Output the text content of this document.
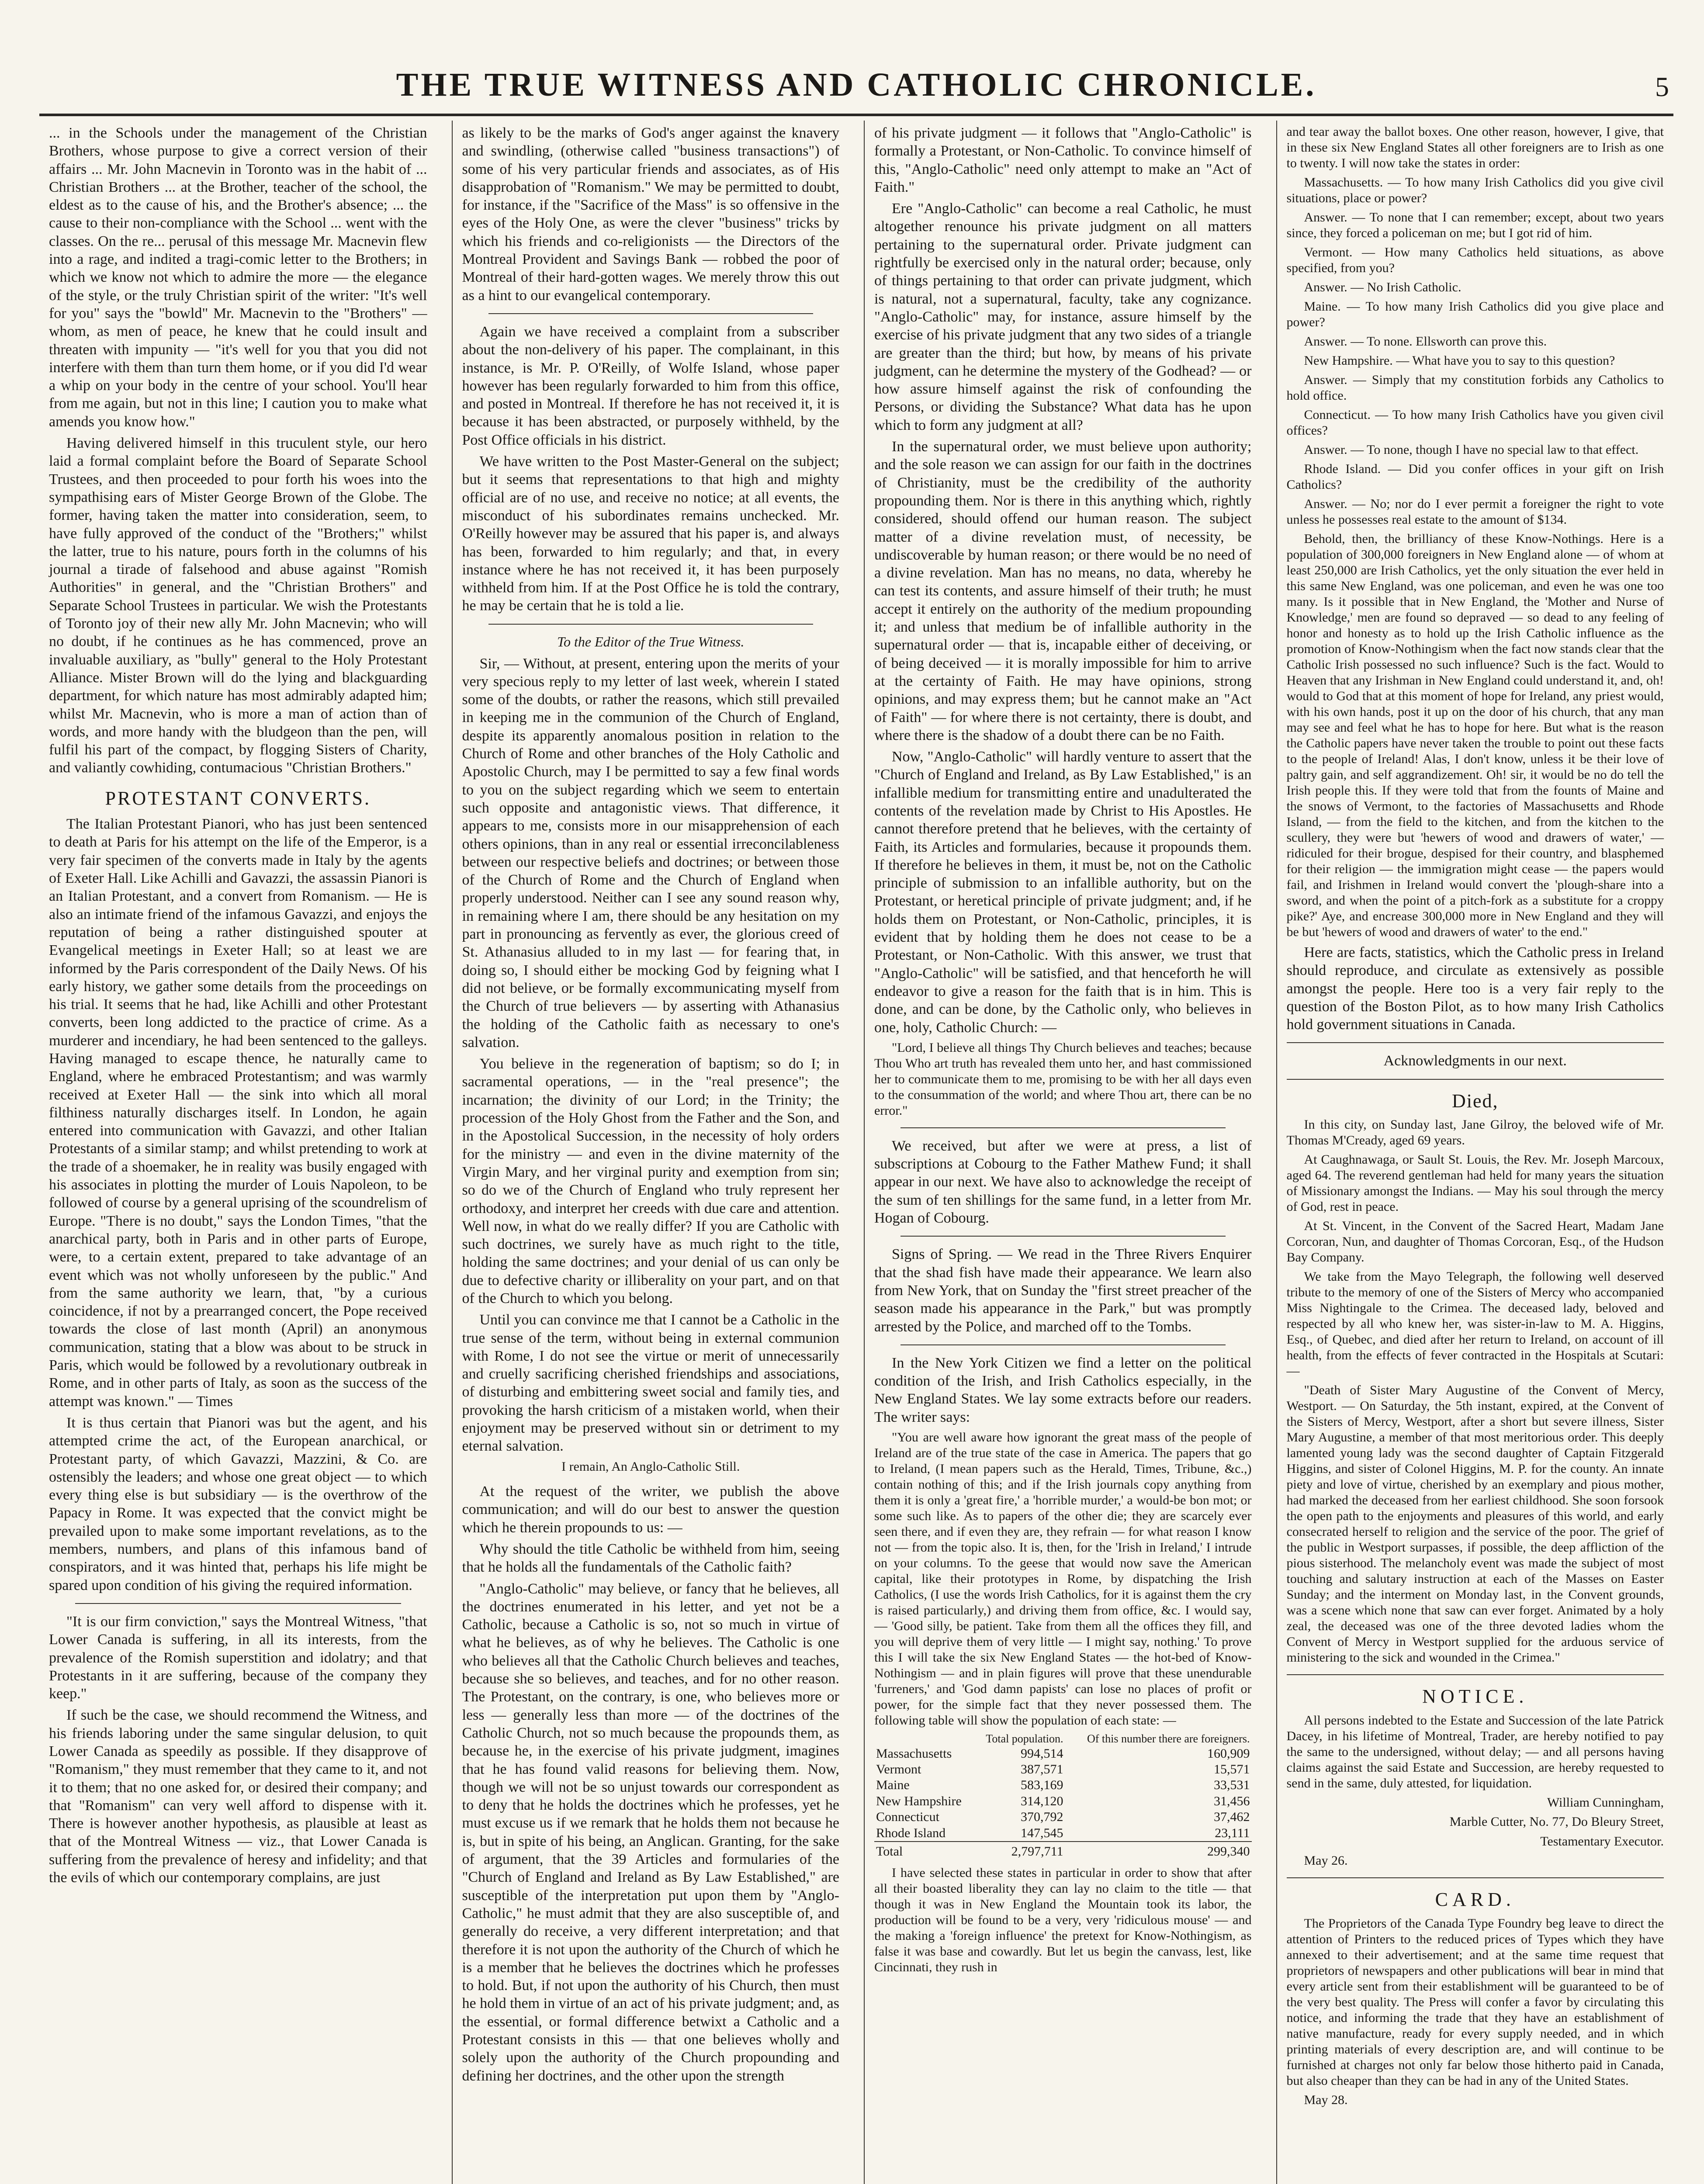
THE TRUE WITNESS AND CATHOLIC CHRONICLE.	5

... in the Schools under the management of the Christian Brothers, whose purpose to give a correct version of their affairs ... Mr. John Macnevin in Toronto was in the habit of ... Christian Brothers ... at the Brother, teacher of the school, the eldest as to the cause of his, and the Brother's absence; ... the cause to their non-compliance with the School ... went with the classes. On the re... perusal of this message Mr. Macnevin flew into a rage, and indited a tragi-comic letter to the Brothers; in which we know not which to admire the more — the elegance of the style, or the truly Christian spirit of the writer: "It's well for you" says the "bowld" Mr. Macnevin to the "Brothers" — whom, as men of peace, he knew that he could insult and threaten with impunity — "it's well for you that you did not interfere with them than turn them home, or if you did I'd wear a whip on your body in the centre of your school. You'll hear from me again, but not in this line; I caution you to make what amends you know how."

Having delivered himself in this truculent style, our hero laid a formal complaint before the Board of Separate School Trustees, and then proceeded to pour forth his woes into the sympathising ears of Mister George Brown of the Globe. The former, having taken the matter into consideration, seem, to have fully approved of the conduct of the "Brothers;" whilst the latter, true to his nature, pours forth in the columns of his journal a tirade of falsehood and abuse against "Romish Authorities" in general, and the "Christian Brothers" and Separate School Trustees in particular. We wish the Protestants of Toronto joy of their new ally Mr. John Macnevin; who will no doubt, if he continues as he has commenced, prove an invaluable auxiliary, as "bully" general to the Holy Protestant Alliance. Mister Brown will do the lying and blackguarding department, for which nature has most admirably adapted him; whilst Mr. Macnevin, who is more a man of action than of words, and more handy with the bludgeon than the pen, will fulfil his part of the compact, by flogging Sisters of Charity, and valiantly cowhiding, contumacious "Christian Brothers."

PROTESTANT CONVERTS.

The Italian Protestant Pianori, who has just been sentenced to death at Paris for his attempt on the life of the Emperor, is a very fair specimen of the converts made in Italy by the agents of Exeter Hall. Like Achilli and Gavazzi, the assassin Pianori is an Italian Protestant, and a convert from Romanism. — He is also an intimate friend of the infamous Gavazzi, and enjoys the reputation of being a rather distinguished spouter at Evangelical meetings in Exeter Hall; so at least we are informed by the Paris correspondent of the Daily News. Of his early history, we gather some details from the proceedings on his trial. It seems that he had, like Achilli and other Protestant converts, been long addicted to the practice of crime. As a murderer and incendiary, he had been sentenced to the galleys. Having managed to escape thence, he naturally came to England, where he embraced Protestantism; and was warmly received at Exeter Hall — the sink into which all moral filthiness naturally discharges itself. In London, he again entered into communication with Gavazzi, and other Italian Protestants of a similar stamp; and whilst pretending to work at the trade of a shoemaker, he in reality was busily engaged with his associates in plotting the murder of Louis Napoleon, to be followed of course by a general uprising of the scoundrelism of Europe. "There is no doubt," says the London Times, "that the anarchical party, both in Paris and in other parts of Europe, were, to a certain extent, prepared to take advantage of an event which was not wholly unforeseen by the public." And from the same authority we learn, that, "by a curious coincidence, if not by a prearranged concert, the Pope received towards the close of last month (April) an anonymous communication, stating that a blow was about to be struck in Paris, which would be followed by a revolutionary outbreak in Rome, and in other parts of Italy, as soon as the success of the attempt was known." — Times

It is thus certain that Pianori was but the agent, and his attempted crime the act, of the European anarchical, or Protestant party, of which Gavazzi, Mazzini, & Co. are ostensibly the leaders; and whose one great object — to which every thing else is but subsidiary — is the overthrow of the Papacy in Rome. It was expected that the convict might be prevailed upon to make some important revelations, as to the members, numbers, and plans of this infamous band of conspirators, and it was hinted that, perhaps his life might be spared upon condition of his giving the required information.

"It is our firm conviction," says the Montreal Witness, "that Lower Canada is suffering, in all its interests, from the prevalence of the Romish superstition and idolatry; and that Protestants in it are suffering, because of the company they keep."

If such be the case, we should recommend the Witness, and his friends laboring under the same singular delusion, to quit Lower Canada as speedily as possible. If they disapprove of "Romanism," they must remember that they came to it, and not it to them; that no one asked for, or desired their company; and that "Romanism" can very well afford to dispense with it. There is however another hypothesis, as plausible at least as that of the Montreal Witness — viz., that Lower Canada is suffering from the prevalence of heresy and infidelity; and that the evils of which our contemporary complains, are just

as likely to be the marks of God's anger against the knavery and swindling, (otherwise called "business transactions") of some of his very particular friends and associates, as of His disapprobation of "Romanism." We may be permitted to doubt, for instance, if the "Sacrifice of the Mass" is so offensive in the eyes of the Holy One, as were the clever "business" tricks by which his friends and co-religionists — the Directors of the Montreal Provident and Savings Bank — robbed the poor of Montreal of their hard-gotten wages. We merely throw this out as a hint to our evangelical contemporary.

Again we have received a complaint from a subscriber about the non-delivery of his paper. The complainant, in this instance, is Mr. P. O'Reilly, of Wolfe Island, whose paper however has been regularly forwarded to him from this office, and posted in Montreal. If therefore he has not received it, it is because it has been abstracted, or purposely withheld, by the Post Office officials in his district.

We have written to the Post Master-General on the subject; but it seems that representations to that high and mighty official are of no use, and receive no notice; at all events, the misconduct of his subordinates remains unchecked. Mr. O'Reilly however may be assured that his paper is, and always has been, forwarded to him regularly; and that, in every instance where he has not received it, it has been purposely withheld from him. If at the Post Office he is told the contrary, he may be certain that he is told a lie.

To the Editor of the True Witness.

Sir, — Without, at present, entering upon the merits of your very specious reply to my letter of last week, wherein I stated some of the doubts, or rather the reasons, which still prevailed in keeping me in the communion of the Church of England, despite its apparently anomalous position in relation to the Church of Rome and other branches of the Holy Catholic and Apostolic Church, may I be permitted to say a few final words to you on the subject regarding which we seem to entertain such opposite and antagonistic views. That difference, it appears to me, consists more in our misapprehension of each others opinions, than in any real or essential irreconcilableness between our respective beliefs and doctrines; or between those of the Church of Rome and the Church of England when properly understood. Neither can I see any sound reason why, in remaining where I am, there should be any hesitation on my part in pronouncing as fervently as ever, the glorious creed of St. Athanasius alluded to in my last — for fearing that, in doing so, I should either be mocking God by feigning what I did not believe, or be formally excommunicating myself from the Church of true believers — by asserting with Athanasius the holding of the Catholic faith as necessary to one's salvation.

You believe in the regeneration of baptism; so do I; in sacramental operations, — in the "real presence"; the incarnation; the divinity of our Lord; in the Trinity; the procession of the Holy Ghost from the Father and the Son, and in the Apostolical Succession, in the necessity of holy orders for the ministry — and even in the divine maternity of the Virgin Mary, and her virginal purity and exemption from sin; so do we of the Church of England who truly represent her orthodoxy, and interpret her creeds with due care and attention. Well now, in what do we really differ? If you are Catholic with such doctrines, we surely have as much right to the title, holding the same doctrines; and your denial of us can only be due to defective charity or illiberality on your part, and on that of the Church to which you belong.

Until you can convince me that I cannot be a Catholic in the true sense of the term, without being in external communion with Rome, I do not see the virtue or merit of unnecessarily and cruelly sacrificing cherished friendships and associations, of disturbing and embittering sweet social and family ties, and provoking the harsh criticism of a mistaken world, when their enjoyment may be preserved without sin or detriment to my eternal salvation.

I remain, An Anglo-Catholic Still.

At the request of the writer, we publish the above communication; and will do our best to answer the question which he therein propounds to us: —

Why should the title Catholic be withheld from him, seeing that he holds all the fundamentals of the Catholic faith?

"Anglo-Catholic" may believe, or fancy that he believes, all the doctrines enumerated in his letter, and yet not be a Catholic, because a Catholic is so, not so much in virtue of what he believes, as of why he believes. The Catholic is one who believes all that the Catholic Church believes and teaches, because she so believes, and teaches, and for no other reason. The Protestant, on the contrary, is one, who believes more or less — generally less than more — of the doctrines of the Catholic Church, not so much because the propounds them, as because he, in the exercise of his private judgment, imagines that he has found valid reasons for believing them. Now, though we will not be so unjust towards our correspondent as to deny that he holds the doctrines which he professes, yet he must excuse us if we remark that he holds them not because he is, but in spite of his being, an Anglican. Granting, for the sake of argument, that the 39 Articles and formularies of the "Church of England and Ireland as By Law Established," are susceptible of the interpretation put upon them by "Anglo-Catholic," he must admit that they are also susceptible of, and generally do receive, a very different interpretation; and that therefore it is not upon the authority of the Church of which he is a member that he believes the doctrines which he professes to hold. But, if not upon the authority of his Church, then must he hold them in virtue of an act of his private judgment; and, as the essential, or formal difference betwixt a Catholic and a Protestant consists in this — that one believes wholly and solely upon the authority of the Church propounding and defining her doctrines, and the other upon the strength

of his private judgment — it follows that "Anglo-Catholic" is formally a Protestant, or Non-Catholic. To convince himself of this, "Anglo-Catholic" need only attempt to make an "Act of Faith."

Ere "Anglo-Catholic" can become a real Catholic, he must altogether renounce his private judgment on all matters pertaining to the supernatural order. Private judgment can rightfully be exercised only in the natural order; because, only of things pertaining to that order can private judgment, which is natural, not a supernatural, faculty, take any cognizance. "Anglo-Catholic" may, for instance, assure himself by the exercise of his private judgment that any two sides of a triangle are greater than the third; but how, by means of his private judgment, can he determine the mystery of the Godhead? — or how assure himself against the risk of confounding the Persons, or dividing the Substance? What data has he upon which to form any judgment at all?

In the supernatural order, we must believe upon authority; and the sole reason we can assign for our faith in the doctrines of Christianity, must be the credibility of the authority propounding them. Nor is there in this anything which, rightly considered, should offend our human reason. The subject matter of a divine revelation must, of necessity, be undiscoverable by human reason; or there would be no need of a divine revelation. Man has no means, no data, whereby he can test its contents, and assure himself of their truth; he must accept it entirely on the authority of the medium propounding it; and unless that medium be of infallible authority in the supernatural order — that is, incapable either of deceiving, or of being deceived — it is morally impossible for him to arrive at the certainty of Faith. He may have opinions, strong opinions, and may express them; but he cannot make an "Act of Faith" — for where there is not certainty, there is doubt, and where there is the shadow of a doubt there can be no Faith.

Now, "Anglo-Catholic" will hardly venture to assert that the "Church of England and Ireland, as By Law Established," is an infallible medium for transmitting entire and unadulterated the contents of the revelation made by Christ to His Apostles. He cannot therefore pretend that he believes, with the certainty of Faith, its Articles and formularies, because it propounds them. If therefore he believes in them, it must be, not on the Catholic principle of submission to an infallible authority, but on the Protestant, or heretical principle of private judgment; and, if he holds them on Protestant, or Non-Catholic, principles, it is evident that by holding them he does not cease to be a Protestant, or Non-Catholic. With this answer, we trust that "Anglo-Catholic" will be satisfied, and that henceforth he will endeavor to give a reason for the faith that is in him. This is done, and can be done, by the Catholic only, who believes in one, holy, Catholic Church: —

"Lord, I believe all things Thy Church believes and teaches; because Thou Who art truth has revealed them unto her, and hast commissioned her to communicate them to me, promising to be with her all days even to the consummation of the world; and where Thou art, there can be no error."

We received, but after we were at press, a list of subscriptions at Cobourg to the Father Mathew Fund; it shall appear in our next. We have also to acknowledge the receipt of the sum of ten shillings for the same fund, in a letter from Mr. Hogan of Cobourg.

Signs of Spring. — We read in the Three Rivers Enquirer that the shad fish have made their appearance. We learn also from New York, that on Sunday the "first street preacher of the season made his appearance in the Park," but was promptly arrested by the Police, and marched off to the Tombs.

In the New York Citizen we find a letter on the political condition of the Irish, and Irish Catholics especially, in the New England States. We lay some extracts before our readers. The writer says:

"You are well aware how ignorant the great mass of the people of Ireland are of the true state of the case in America. The papers that go to Ireland, (I mean papers such as the Herald, Times, Tribune, &c.,) contain nothing of this; and if the Irish journals copy anything from them it is only a 'great fire,' a 'horrible murder,' a would-be bon mot; or some such like. As to papers of the other die; they are scarcely ever seen there, and if even they are, they refrain — for what reason I know not — from the topic also. It is, then, for the 'Irish in Ireland,' I intrude on your columns. To the geese that would now save the American capital, like their prototypes in Rome, by dispatching the Irish Catholics, (I use the words Irish Catholics, for it is against them the cry is raised particularly,) and driving them from office, &c. I would say, — 'Good silly, be patient. Take from them all the offices they fill, and you will deprive them of very little — I might say, nothing.' To prove this I will take the six New England States — the hot-bed of Know-Nothingism — and in plain figures will prove that these unendurable 'furreners,' and 'God damn papists' can lose no places of profit or power, for the simple fact that they never possessed them. The following table will show the population of each state: —

	Total population.	Of this number there are foreigners.
Massachusetts	994,514	160,909
Vermont	387,571	15,571
Maine	583,169	33,531
New Hampshire	314,120	31,456
Connecticut	370,792	37,462
Rhode Island	147,545	23,111
Total	2,797,711	299,340

I have selected these states in particular in order to show that after all their boasted liberality they can lay no claim to the title — that though it was in New England the Mountain took its labor, the production will be found to be a very, very 'ridiculous mouse' — and the making a 'foreign influence' the pretext for Know-Nothingism, as false it was base and cowardly. But let us begin the canvass, lest, like Cincinnati, they rush in

and tear away the ballot boxes. One other reason, however, I give, that in these six New England States all other foreigners are to Irish as one to twenty. I will now take the states in order:

Massachusetts. — To how many Irish Catholics did you give civil situations, place or power?

Answer. — To none that I can remember; except, about two years since, they forced a policeman on me; but I got rid of him.

Vermont. — How many Catholics held situations, as above specified, from you?

Answer. — No Irish Catholic.

Maine. — To how many Irish Catholics did you give place and power?

Answer. — To none. Ellsworth can prove this.

New Hampshire. — What have you to say to this question?

Answer. — Simply that my constitution forbids any Catholics to hold office.

Connecticut. — To how many Irish Catholics have you given civil offices?

Answer. — To none, though I have no special law to that effect.

Rhode Island. — Did you confer offices in your gift on Irish Catholics?

Answer. — No; nor do I ever permit a foreigner the right to vote unless he possesses real estate to the amount of $134.

Behold, then, the brilliancy of these Know-Nothings. Here is a population of 300,000 foreigners in New England alone — of whom at least 250,000 are Irish Catholics, yet the only situation the ever held in this same New England, was one policeman, and even he was one too many. Is it possible that in New England, the 'Mother and Nurse of Knowledge,' men are found so depraved — so dead to any feeling of honor and honesty as to hold up the Irish Catholic influence as the promotion of Know-Nothingism when the fact now stands clear that the Catholic Irish possessed no such influence? Such is the fact. Would to Heaven that any Irishman in New England could understand it, and, oh! would to God that at this moment of hope for Ireland, any priest would, with his own hands, post it up on the door of his church, that any man may see and feel what he has to hope for here. But what is the reason the Catholic papers have never taken the trouble to point out these facts to the people of Ireland! Alas, I don't know, unless it be their love of paltry gain, and self aggrandizement. Oh! sir, it would be no do tell the Irish people this. If they were told that from the founts of Maine and the snows of Vermont, to the factories of Massachusetts and Rhode Island, — from the field to the kitchen, and from the kitchen to the scullery, they were but 'hewers of wood and drawers of water,' — ridiculed for their brogue, despised for their country, and blasphemed for their religion — the immigration might cease — the papers would fail, and Irishmen in Ireland would convert the 'plough-share into a sword, and when the point of a pitch-fork as a substitute for a croppy pike?' Aye, and encrease 300,000 more in New England and they will be but 'hewers of wood and drawers of water' to the end."

Here are facts, statistics, which the Catholic press in Ireland should reproduce, and circulate as extensively as possible amongst the people. Here too is a very fair reply to the question of the Boston Pilot, as to how many Irish Catholics hold government situations in Canada.

Acknowledgments in our next.

Died,

In this city, on Sunday last, Jane Gilroy, the beloved wife of Mr. Thomas M'Cready, aged 69 years.

At Caughnawaga, or Sault St. Louis, the Rev. Mr. Joseph Marcoux, aged 64. The reverend gentleman had held for many years the situation of Missionary amongst the Indians. — May his soul through the mercy of God, rest in peace.

At St. Vincent, in the Convent of the Sacred Heart, Madam Jane Corcoran, Nun, and daughter of Thomas Corcoran, Esq., of the Hudson Bay Company.

We take from the Mayo Telegraph, the following well deserved tribute to the memory of one of the Sisters of Mercy who accompanied Miss Nightingale to the Crimea. The deceased lady, beloved and respected by all who knew her, was sister-in-law to M. A. Higgins, Esq., of Quebec, and died after her return to Ireland, on account of ill health, from the effects of fever contracted in the Hospitals at Scutari: —

"Death of Sister Mary Augustine of the Convent of Mercy, Westport. — On Saturday, the 5th instant, expired, at the Convent of the Sisters of Mercy, Westport, after a short but severe illness, Sister Mary Augustine, a member of that most meritorious order. This deeply lamented young lady was the second daughter of Captain Fitzgerald Higgins, and sister of Colonel Higgins, M. P. for the county. An innate piety and love of virtue, cherished by an exemplary and pious mother, had marked the deceased from her earliest childhood. She soon forsook the open path to the enjoyments and pleasures of this world, and early consecrated herself to religion and the service of the poor. The grief of the public in Westport surpasses, if possible, the deep affliction of the pious sisterhood. The melancholy event was made the subject of most touching and salutary instruction at each of the Masses on Easter Sunday; and the interment on Monday last, in the Convent grounds, was a scene which none that saw can ever forget. Animated by a holy zeal, the deceased was one of the three devoted ladies whom the Convent of Mercy in Westport supplied for the arduous service of ministering to the sick and wounded in the Crimea."

NOTICE.

All persons indebted to the Estate and Succession of the late Patrick Dacey, in his lifetime of Montreal, Trader, are hereby notified to pay the same to the undersigned, without delay; — and all persons having claims against the said Estate and Succession, are hereby requested to send in the same, duly attested, for liquidation.

William Cunningham,

Marble Cutter, No. 77, Do Bleury Street,

Testamentary Executor.

May 26.

CARD.

The Proprietors of the Canada Type Foundry beg leave to direct the attention of Printers to the reduced prices of Types which they have annexed to their advertisement; and at the same time request that proprietors of newspapers and other publications will bear in mind that every article sent from their establishment will be guaranteed to be of the very best quality. The Press will confer a favor by circulating this notice, and informing the trade that they have an establishment of native manufacture, ready for every supply needed, and in which printing materials of every description are, and will continue to be furnished at charges not only far below those hitherto paid in Canada, but also cheaper than they can be had in any of the United States.

May 28.
